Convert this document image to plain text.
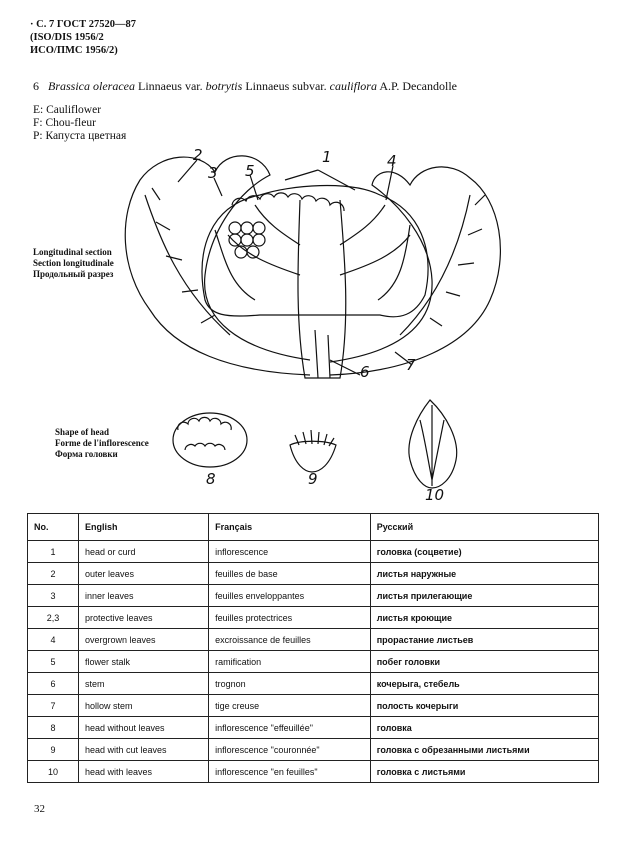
· С. 7 ГОСТ 27520—87
(ISO/DIS 1956/2
ИСО/ПМС 1956/2)
6 Brassica oleracea Linnaeus var. botrytis Linnaeus subvar. cauliflora A.P. Decandolle
E: Cauliflower
F: Chou-fleur
P: Капуста цветная
Longitudinal section
Section longitudinale
Продольный разрез
Shape of head
Forme de l'inflorescence
Форма головки
1
2
3
4
5
6 7
8	9
10
No.	English	Français	Русский
1	head or curd	inflorescence	головка (соцветие)
2	outer leaves	feuilles de base	листья наружные
3	inner leaves	feuilles enveloppantes	листья прилегающие
2,3	protective leaves	feuilles protectrices	листья кроющие
4	overgrown leaves	excroissance de feuilles	прорастание листьев
5	flower stalk	ramification	побег головки
6	stem	trognon	кочерыга, стебель
7	hollow stem	tige creuse	полость кочерыги
8	head without leaves	inflorescence "effeuillée"	головка
9	head with cut leaves	inflorescence "couronnée"	головка с обрезанными листьями
10	head with leaves	inflorescence "en feuilles"	головка с листьями
32
